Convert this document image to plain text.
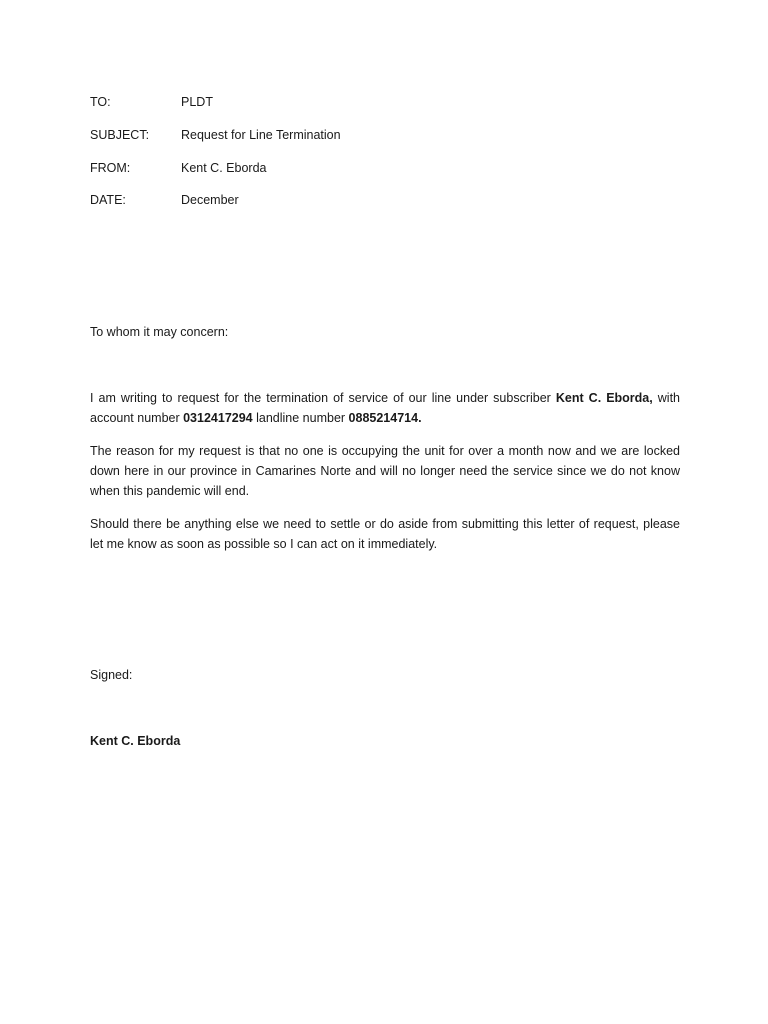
TO:	PLDT
SUBJECT:	Request for Line Termination
FROM:	Kent C. Eborda
DATE:	December
To whom it may concern:
I am writing to request for the termination of service of our line under subscriber Kent C. Eborda, with account number 0312417294 landline number 0885214714.
The reason for my request is that no one is occupying the unit for over a month now and we are locked down here in our province in Camarines Norte and will no longer need the service since we do not know when this pandemic will end.
Should there be anything else we need to settle or do aside from submitting this letter of request, please let me know as soon as possible so I can act on it immediately.
Signed:
Kent C. Eborda
